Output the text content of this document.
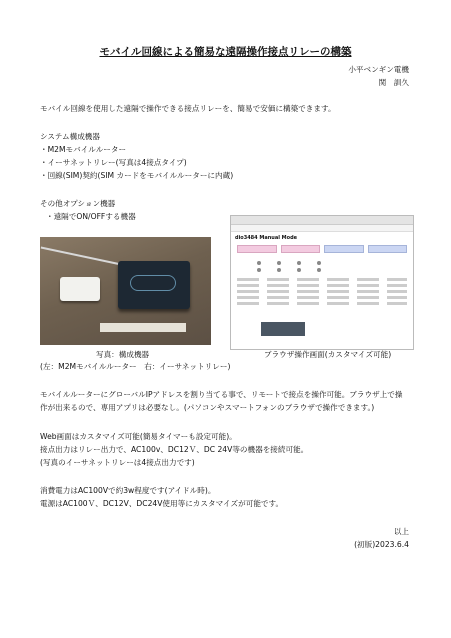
モバイル回線による簡易な遠隔操作接点リレーの構築
小平ベンギン電機
関　訓久
モバイル回線を使用した遠隔で操作できる接点リレーを、簡易で安価に構築できます。
システム構成機器
・M2Mモバイルルーター
・イーサネットリレー(写真は4接点タイプ)
・回線(SIM)契約(SIM カードをモバイルルーターに内蔵)
その他オプション機器
・遠隔でON/OFFする機器
dio3484 Manual Mode
写真：構成機器
(左：M2Mモバイルルーター　右：イーサネットリレー)
ブラウザ操作画面(カスタマイズ可能)
モバイルルーターにグローバルIPアドレスを割り当てる事で、リモートで接点を操作可能。ブラウザ上で操
作が出来るので、専用アプリは必要なし。(パソコンやスマートフォンのブラウザで操作できます。)
Web画面はカスタマイズ可能(簡易タイマーも設定可能)。
接点出力はリレー出力で、AC100v、DC12Ｖ、DC 24V等の機器を接続可能。
(写真のイーサネットリレーは4接点出力です)
消費電力はAC100Vで約3w程度です(アイドル時)。
電源はAC100Ｖ、DC12V、DC24V使用等にカスタマイズが可能です。
以上
(初版)2023.6.4
